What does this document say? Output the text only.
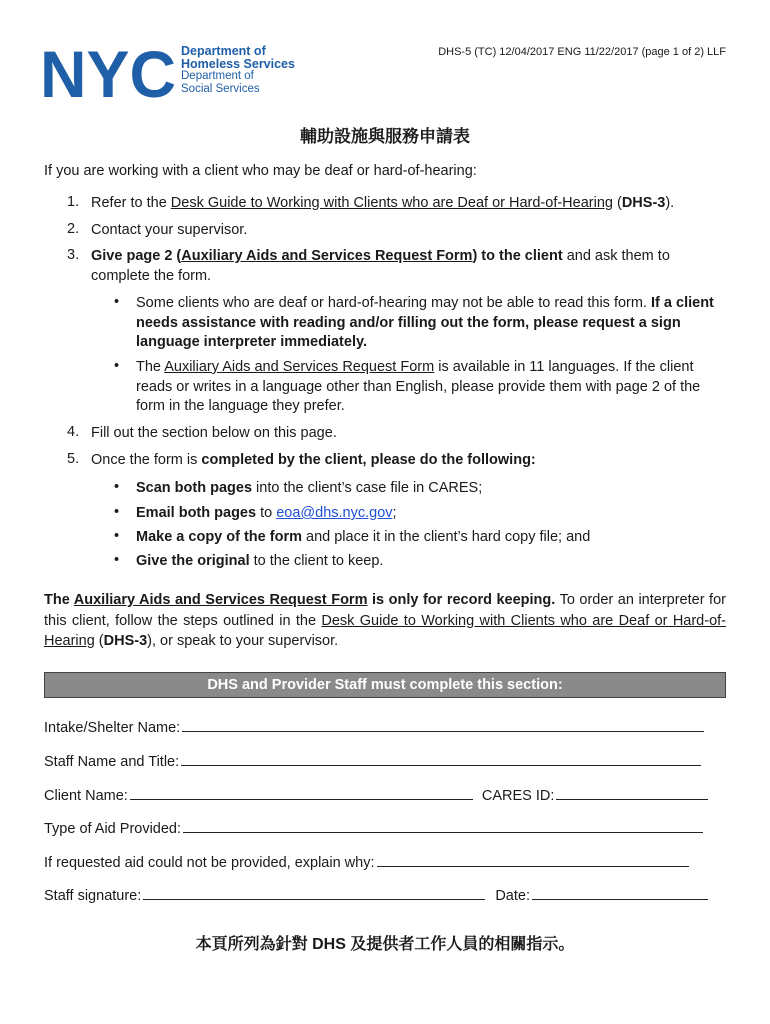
NYC Department of
Homeless Services
Department of
Social Services
DHS-5 (TC) 12/04/2017 ENG 11/22/2017 (page 1 of 2) LLF
輔助設施與服務申請表
If you are working with a client who may be deaf or hard-of-hearing:
1. Refer to the Desk Guide to Working with Clients who are Deaf or Hard-of-Hearing (DHS-3).
2. Contact your supervisor.
3. Give page 2 (Auxiliary Aids and Services Request Form) to the client and ask them to complete the form.
• Some clients who are deaf or hard-of-hearing may not be able to read this form. If a client needs assistance with reading and/or filling out the form, please request a sign language interpreter immediately.
• The Auxiliary Aids and Services Request Form is available in 11 languages. If the client reads or writes in a language other than English, please provide them with page 2 of the form in the language they prefer.
4. Fill out the section below on this page.
5. Once the form is completed by the client, please do the following:
• Scan both pages into the client’s case file in CARES;
• Email both pages to eoa@dhs.nyc.gov;
• Make a copy of the form and place it in the client’s hard copy file; and
• Give the original to the client to keep.
The Auxiliary Aids and Services Request Form is only for record keeping. To order an interpreter for this client, follow the steps outlined in the Desk Guide to Working with Clients who are Deaf or Hard-of-Hearing (DHS-3), or speak to your supervisor.
DHS and Provider Staff must complete this section:
Intake/Shelter Name:
Staff Name and Title:
Client Name:	CARES ID:
Type of Aid Provided:
If requested aid could not be provided, explain why:
Staff signature:	Date:
本頁所列為針對 DHS 及提供者工作人員的相關指示。
